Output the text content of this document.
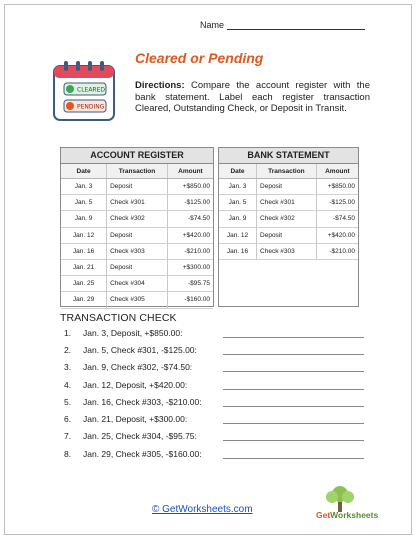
Name
CLEARED
PENDING
Cleared or Pending
Directions: Compare the account register with the bank statement. Label each register transaction Cleared, Outstanding Check, or Deposit in Transit.
ACCOUNT REGISTER
Date	Transaction	Amount
Jan. 3	Deposit	+$850.00
Jan. 5	Check #301	-$125.00
Jan. 9	Check #302	-$74.50
Jan. 12	Deposit	+$420.00
Jan. 16	Check #303	-$210.00
Jan. 21	Deposit	+$300.00
Jan. 25	Check #304	-$95.75
Jan. 29	Check #305	-$160.00
BANK STATEMENT
Date	Transaction	Amount
Jan. 3	Deposit	+$850.00
Jan. 5	Check #301	-$125.00
Jan. 9	Check #302	-$74.50
Jan. 12	Deposit	+$420.00
Jan. 16	Check #303	-$210.00
TRANSACTION CHECK
1.	Jan. 3, Deposit, +$850.00:
2.	Jan. 5, Check #301, -$125.00:
3.	Jan. 9, Check #302, -$74.50:
4.	Jan. 12, Deposit, +$420.00:
5.	Jan. 16, Check #303, -$210.00:
6.	Jan. 21, Deposit, +$300.00:
7.	Jan. 25, Check #304, -$95.75:
8.	Jan. 29, Check #305, -$160.00:
© GetWorksheets.com	GetWorksheets
